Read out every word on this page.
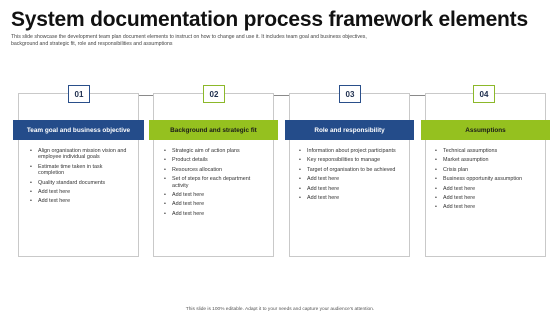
System documentation process framework elements
This slide showcase the development team plan document elements to instruct on how to change and use it. It includes team goal and business objectives, background and strategic fit, role and responsibilities and assumptions
01
Team goal and business objective
• Align organisation mission vision and employee individual goals
• Estimate time taken in task completion
• Quality standard documents
• Add text here
• Add text here
02
Background and strategic fit
• Strategic aim of action plans
• Product details
• Resources allocation
• Set of steps for each department activity
• Add text here
• Add text here
• Add text here
03
Role and responsibility
• Information about project participants
• Key responsibilities to manage
• Target of organisation to be achieved
• Add text here
• Add text here
• Add text here
04
Assumptions
• Technical assumptions
• Market assumption
• Crisis plan
• Business opportunity assumption
• Add text here
• Add text here
• Add text here
This slide is 100% editable. Adapt it to your needs and capture your audience's attention.
